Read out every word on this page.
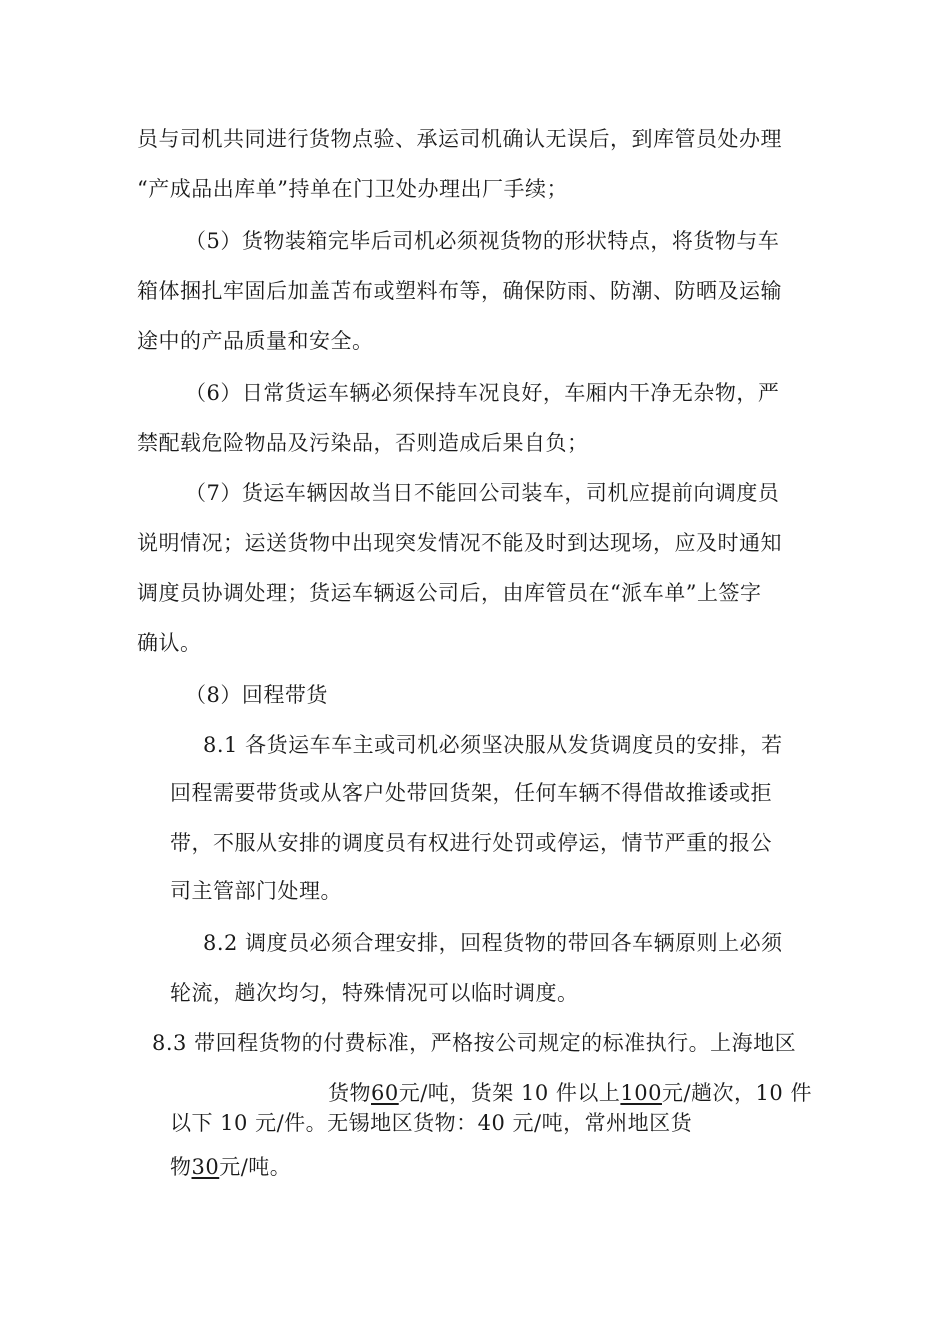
员与司机共同进行货物点验、承运司机确认无误后，到库管员处办理
“产成品出库单”持单在门卫处办理出厂手续；
（5）货物装箱完毕后司机必须视货物的形状特点，将货物与车
箱体捆扎牢固后加盖苫布或塑料布等，确保防雨、防潮、防晒及运输
途中的产品质量和安全。
（6）日常货运车辆必须保持车况良好，车厢内干净无杂物，严
禁配载危险物品及污染品，否则造成后果自负；
（7）货运车辆因故当日不能回公司装车，司机应提前向调度员
说明情况；运送货物中出现突发情况不能及时到达现场，应及时通知
调度员协调处理；货运车辆返公司后，由库管员在“派车单”上签字
确认。
（8）回程带货
8.1 各货运车车主或司机必须坚决服从发货调度员的安排，若
回程需要带货或从客户处带回货架，任何车辆不得借故推诿或拒
带，不服从安排的调度员有权进行处罚或停运，情节严重的报公
司主管部门处理。
8.2 调度员必须合理安排，回程货物的带回各车辆原则上必须
轮流，趟次均匀，特殊情况可以临时调度。
8.3 带回程货物的付费标准，严格按公司规定的标准执行。上海地区
货物60元/吨，货架 10 件以上100元/趟次，10 件
以下 10 元/件。无锡地区货物：40 元/吨，常州地区货
物30元/吨。
